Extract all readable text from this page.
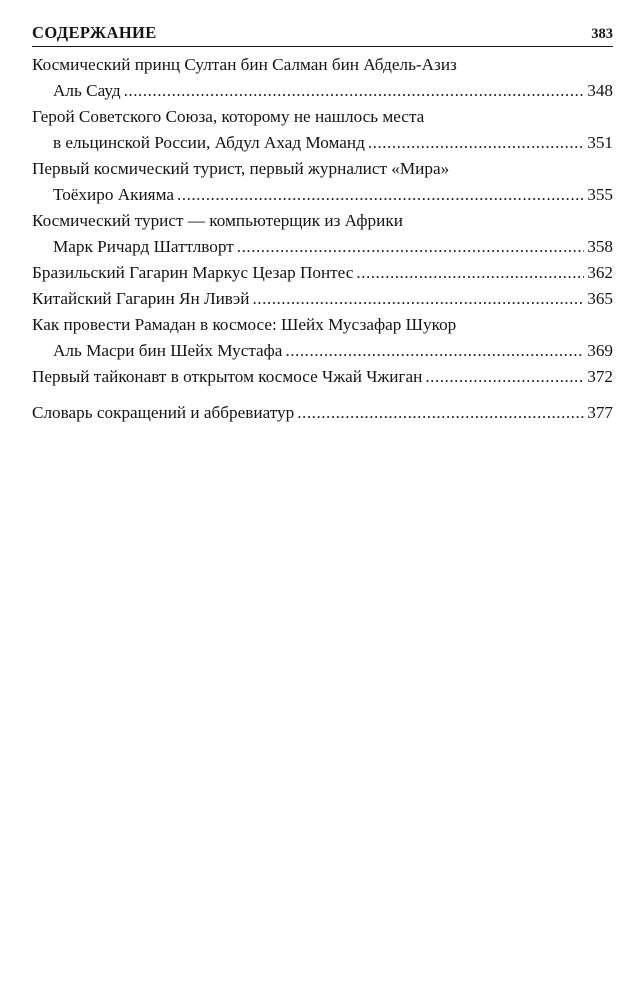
СОДЕРЖАНИЕ	383
Космический принц Султан бин Салман бин Абдель-Азиз
Аль Сауд .....	348
Герой Советского Союза, которому не нашлось места
в ельцинской России, Абдул Ахад Моманд .....	351
Первый космический турист, первый журналист «Мира»
Тоёхиро Акияма .....	355
Космический турист — компьютерщик из Африки
Марк Ричард Шаттлворт .....	358
Бразильский Гагарин Маркус Цезар Понтес .....	362
Китайский Гагарин Ян Ливэй .....	365
Как провести Рамадан в космосе: Шейх Мусзафар Шукор
Аль Масри бин Шейх Мустафа .....	369
Первый тайконавт в открытом космосе Чжай Чжиган .....	372
Словарь сокращений и аббревиатур .....	377
